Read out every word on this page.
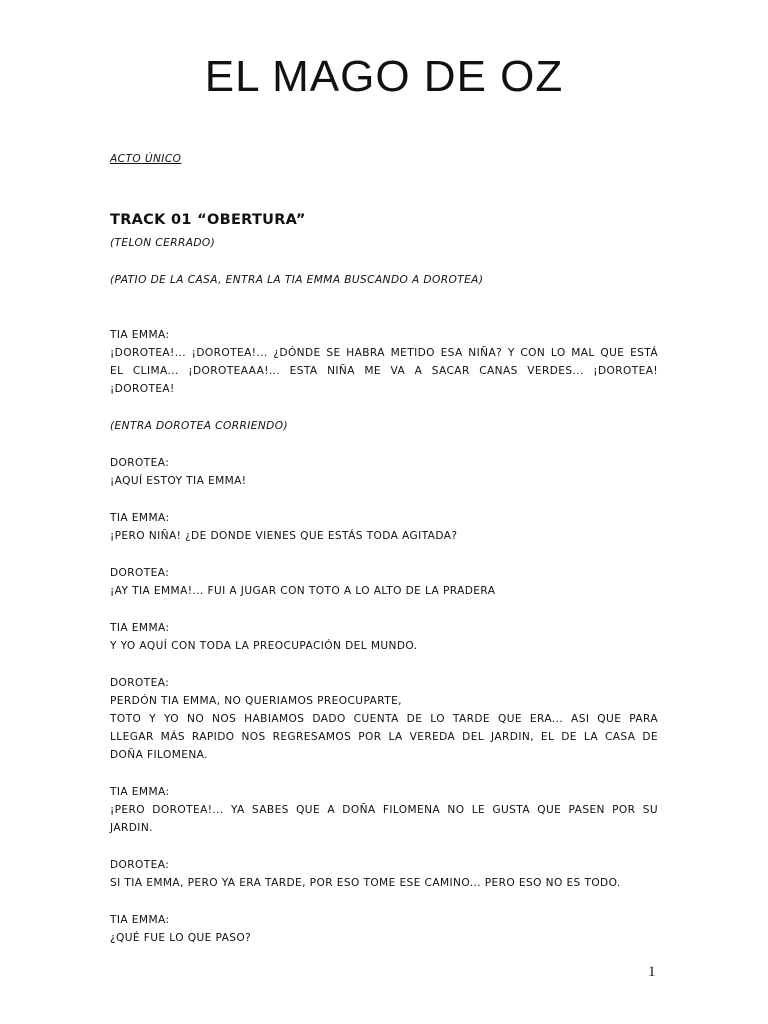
EL MAGO DE OZ
ACTO ÚNICO
TRACK 01 “OBERTURA”
(TELON CERRADO)
(PATIO DE LA CASA, ENTRA LA TIA EMMA BUSCANDO A DOROTEA)
TIA EMMA:
¡DOROTEA!... ¡DOROTEA!... ¿DÓNDE SE HABRA METIDO ESA NIÑA? Y CON LO MAL QUE ESTÁ
EL CLIMA... ¡DOROTEAAA!... ESTA NIÑA ME VA A SACAR CANAS VERDES... ¡DOROTEA!
¡DOROTEA!
(ENTRA DOROTEA CORRIENDO)
DOROTEA:
¡AQUÍ ESTOY TIA EMMA!
TIA EMMA:
¡PERO NIÑA! ¿DE DONDE VIENES QUE ESTÁS TODA AGITADA?
DOROTEA:
¡AY TIA EMMA!... FUI A JUGAR CON TOTO A LO ALTO DE LA PRADERA
TIA EMMA:
Y YO AQUÍ CON TODA LA PREOCUPACIÓN DEL MUNDO.
DOROTEA:
PERDÓN TIA EMMA, NO QUERIAMOS PREOCUPARTE,
TOTO Y YO NO NOS HABIAMOS DADO CUENTA DE LO TARDE QUE ERA... ASI QUE PARA
LLEGAR MÁS RAPIDO NOS REGRESAMOS POR LA VEREDA DEL JARDIN, EL DE LA CASA DE
DOÑA FILOMENA.
TIA EMMA:
¡PERO DOROTEA!... YA SABES QUE A DOÑA FILOMENA NO LE GUSTA QUE PASEN POR SU
JARDIN.
DOROTEA:
SI TIA EMMA, PERO YA ERA TARDE, POR ESO TOME ESE CAMINO... PERO ESO NO ES TODO.
TIA EMMA:
¿QUÉ FUE LO QUE PASO?
1
